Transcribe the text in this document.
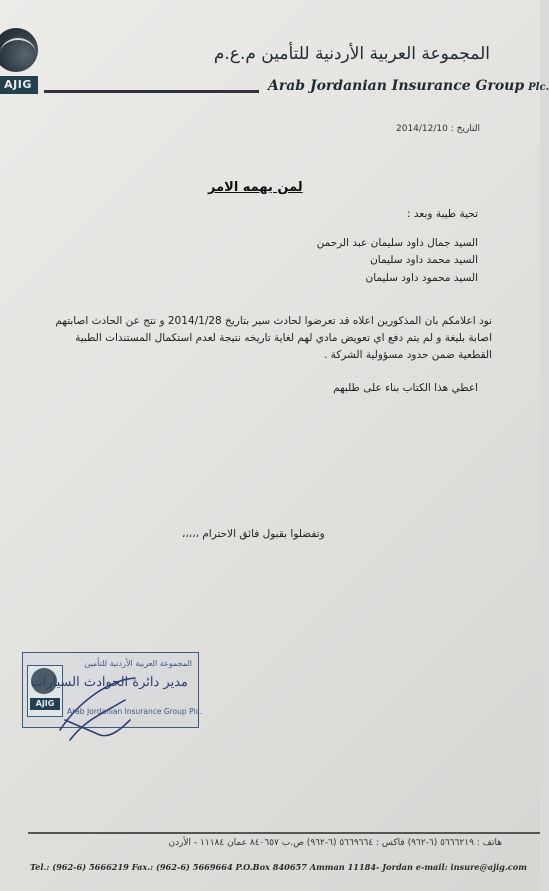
AJIG
المجموعة العربية الأردنية للتأمين م.ع.م
Arab Jordanian Insurance Group Plc.
التاريخ : 2014/12/10
لمن يهمه الامر
تحية طيبة وبعد :
السيد جمال داود سليمان عبد الرحمن
السيد محمد داود سليمان
السيد محمود داود سليمان
نود اعلامكم بان المذكورين اعلاه قد تعرضوا لحادث سير بتاريخ 2014/1/28 و نتج عن الحادث اصابتهم اصابة بليغة و لم يتم دفع اي تعويض مادي لهم لغاية تاريخه نتيجة لعدم استكمال المستندات الطبية القطعية ضمن حدود مسؤولية الشركة .
اعطي هذا الكتاب بناء على طلبهم
وتفضلوا بقبول فائق الاحترام ،،،،،
AJIG
المجموعة العربية الأردنية للتأمين
مدير دائرة الحوادث السيارات
Arab Jordanian Insurance Group Plc.
هاتف : ٥٦٦٦٢١٩ (٦-٩٦٢) فاكس : ٥٦٦٩٦٦٤ (٦-٩٦٢) ص.ب ٨٤٠٦٥٧ عمان ١١١٨٤ - الأردن
Tel.: (962-6) 5666219 Fax.: (962-6) 5669664 P.O.Box 840657 Amman 11184- Jordan e-mail: insure@ajig.com
